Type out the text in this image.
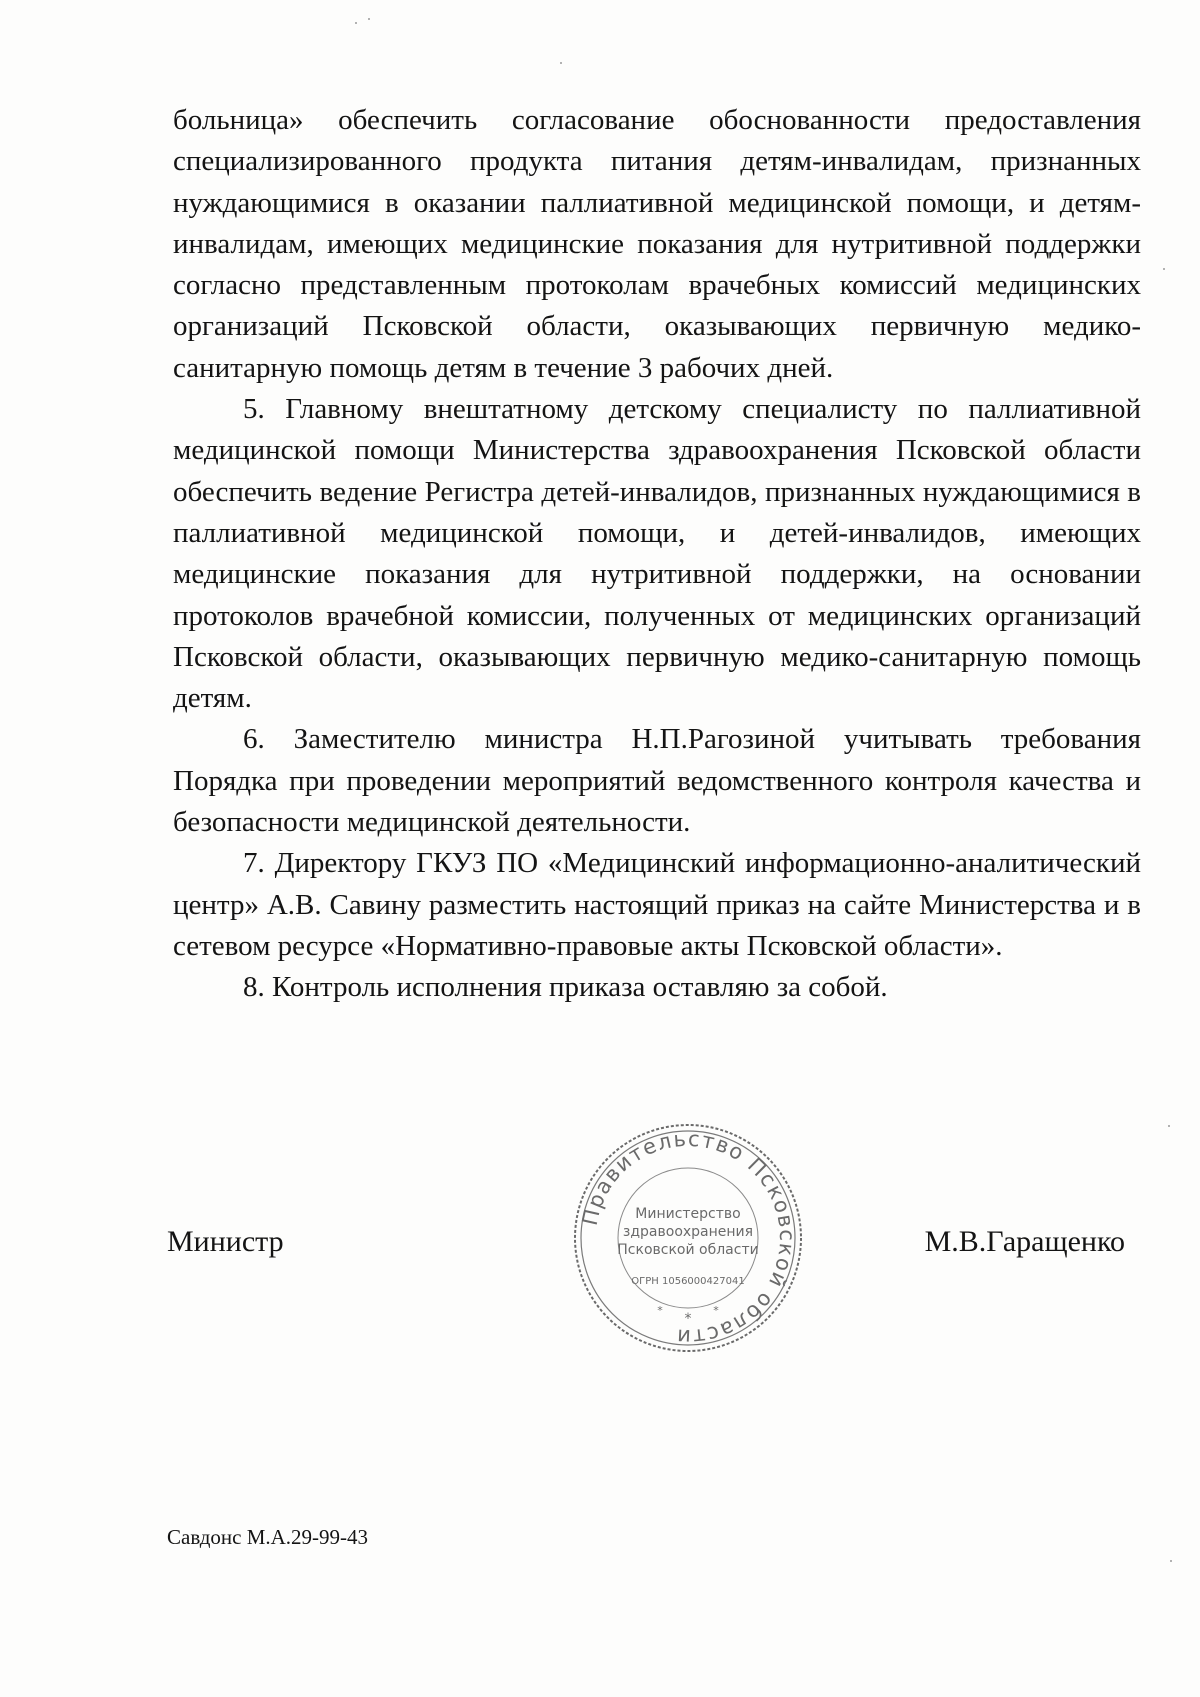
больница» обеспечить согласование обоснованности предоставления специализированного продукта питания детям-инвалидам, признанных нуждающимися в оказании паллиативной медицинской помощи, и детям-инвалидам, имеющих медицинские показания для нутритивной поддержки согласно представленным протоколам врачебных комиссий медицинских организаций Псковской области, оказывающих первичную медико-санитарную помощь детям в течение 3 рабочих дней.

5. Главному внештатному детскому специалисту по паллиативной медицинской помощи Министерства здравоохранения Псковской области обеспечить ведение Регистра детей-инвалидов, признанных нуждающимися в паллиативной медицинской помощи, и детей-инвалидов, имеющих медицинские показания для нутритивной поддержки, на основании протоколов врачебной комиссии, полученных от медицинских организаций Псковской области, оказывающих первичную медико-санитарную помощь детям.

6. Заместителю министра Н.П.Рагозиной учитывать требования Порядка при проведении мероприятий ведомственного контроля качества и безопасности медицинской деятельности.

7. Директору ГКУЗ ПО «Медицинский информационно-аналитический центр» А.В. Савину разместить настоящий приказ на сайте Министерства и в сетевом ресурсе «Нормативно-правовые акты Псковской области».

8. Контроль исполнения приказа оставляю за собой.

Министр	М.В.Гаращенко
Правительство Псковской области
Министерство
здравоохранения
Псковской области
ОГРН 1056000427041
*
*	*
Савдонс М.А.29-99-43
